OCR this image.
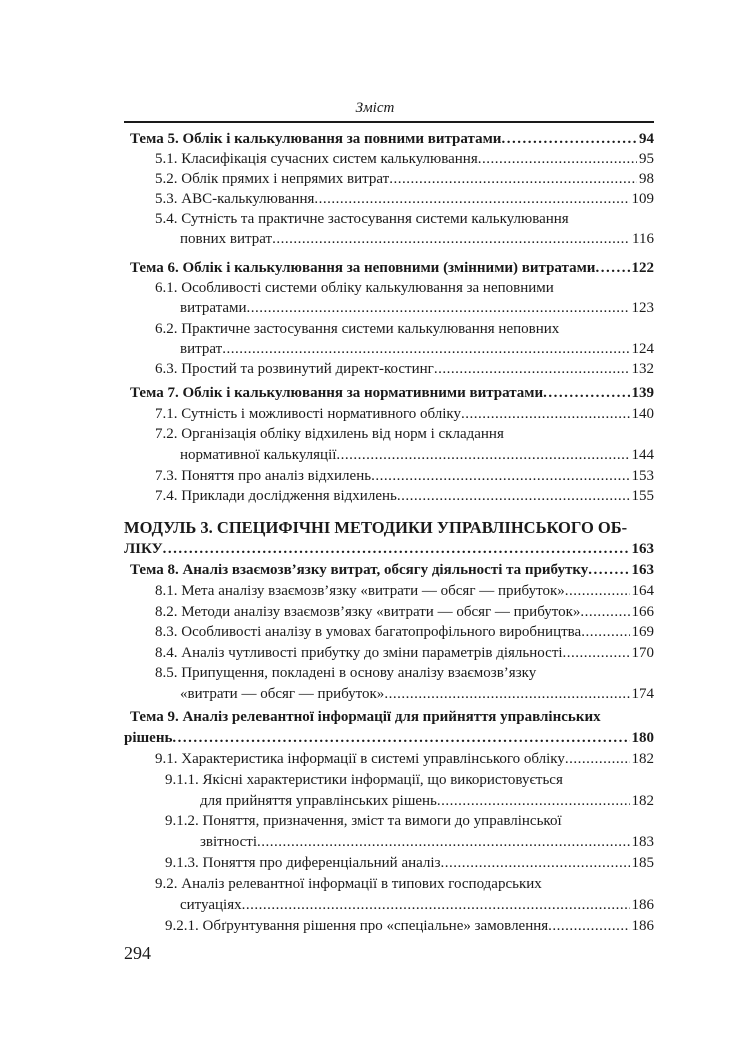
Зміст
Тема 5. Облік і калькулювання за повними витратами .....	94
5.1. Класифікація сучасних систем калькулювання .....	95
5.2. Облік прямих і непрямих витрат .....	98
5.3. АВС-калькулювання .....	109
5.4. Сутність та практичне застосування системи калькулювання
повних витрат .....	116
Тема 6. Облік і калькулювання за неповними (змінними) витратами ..... 122
6.1. Особливості системи обліку калькулювання за неповними
витратами .....	123
6.2. Практичне застосування системи калькулювання неповних
витрат .....	124
6.3. Простий та розвинутий директ-костинг .....	132
Тема 7. Облік і калькулювання за нормативними витратами .....	139
7.1. Сутність і можливості нормативного обліку .....	140
7.2. Організація обліку відхилень від норм і складання
нормативної калькуляції .....	144
7.3. Поняття про аналіз відхилень .....	153
7.4. Приклади дослідження відхилень .....	155
МОДУЛЬ 3. СПЕЦИФІЧНІ МЕТОДИКИ УПРАВЛІНСЬКОГО ОБ-
ЛІКУ .....	163
Тема 8. Аналіз взаємозв’язку витрат, обсягу діяльності та прибутку .....	163
8.1. Мета аналізу взаємозв’язку «витрати — обсяг — прибуток» .....	164
8.2. Методи аналізу взаємозв’язку «витрати — обсяг — прибуток» .....	166
8.3. Особливості аналізу в умовах багатопрофільного виробництва .....	169
8.4. Аналіз чутливості прибутку до зміни параметрів діяльності .....	170
8.5. Припущення, покладені в основу аналізу взаємозв’язку
«витрати — обсяг — прибуток» .....	174
Тема 9. Аналіз релевантної інформації для прийняття управлінських
рішень .....	180
9.1. Характеристика інформації в системі управлінського обліку .....	182
9.1.1. Якісні характеристики інформації, що використовується
для прийняття управлінських рішень .....	182
9.1.2. Поняття, призначення, зміст та вимоги до управлінської
звітності .....	183
9.1.3. Поняття про диференціальний аналіз .....	185
9.2. Аналіз релевантної інформації в типових господарських
ситуаціях .....	186
9.2.1. Обґрунтування рішення про «спеціальне» замовлення .....	186
294
